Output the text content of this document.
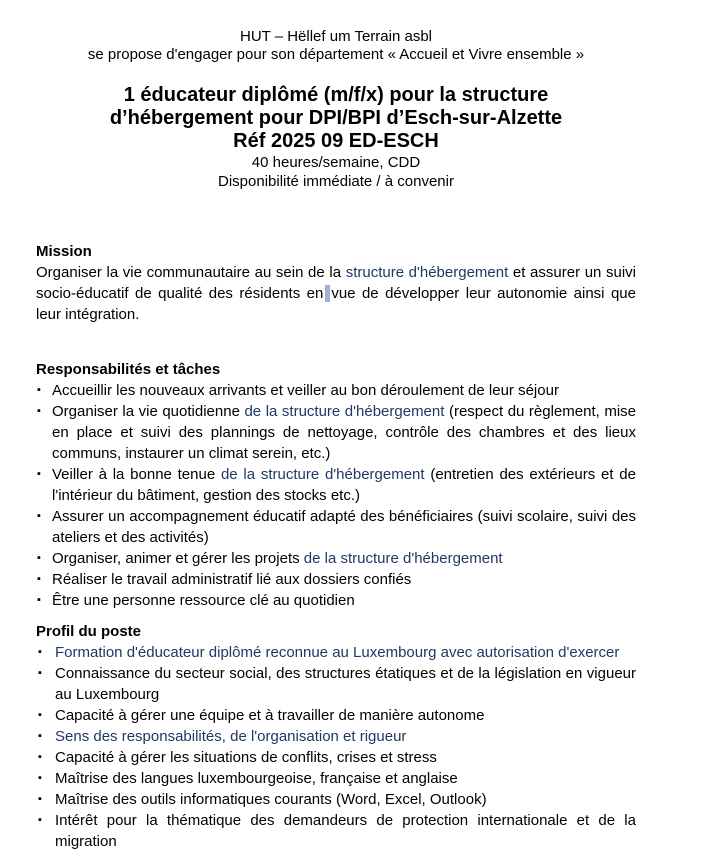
HUT – Hëllef um Terrain asbl
se propose d'engager pour son département « Accueil et Vivre ensemble »
1 éducateur diplômé (m/f/x) pour la structure
d’hébergement pour DPI/BPI d’Esch-sur-Alzette
Réf 2025 09 ED-ESCH
40 heures/semaine, CDD
Disponibilité immédiate / à convenir
Mission

Organiser la vie communautaire au sein de la structure d'hébergement et assurer un suivi socio-éducatif de qualité des résidents en vue de développer leur autonomie ainsi que leur intégration.

Responsabilités et tâches
▪ Accueillir les nouveaux arrivants et veiller au bon déroulement de leur séjour
▪ Organiser la vie quotidienne de la structure d'hébergement (respect du règlement, mise en place et suivi des plannings de nettoyage, contrôle des chambres et des lieux communs, instaurer un climat serein, etc.)
▪ Veiller à la bonne tenue de la structure d'hébergement (entretien des extérieurs et de l'intérieur du bâtiment, gestion des stocks etc.)
▪ Assurer un accompagnement éducatif adapté des bénéficiaires (suivi scolaire, suivi des ateliers et des activités)
▪ Organiser, animer et gérer les projets de la structure d'hébergement
▪ Réaliser le travail administratif lié aux dossiers confiés
▪ Être une personne ressource clé au quotidien
Profil du poste
▪ Formation d'éducateur diplômé reconnue au Luxembourg avec autorisation d'exercer
▪ Connaissance du secteur social, des structures étatiques et de la législation en vigueur au Luxembourg
▪ Capacité à gérer une équipe et à travailler de manière autonome
▪ Sens des responsabilités, de l'organisation et rigueur
▪ Capacité à gérer les situations de conflits, crises et stress
▪ Maîtrise des langues luxembourgeoise, française et anglaise
▪ Maîtrise des outils informatiques courants (Word, Excel, Outlook)
▪ Intérêt pour la thématique des demandeurs de protection internationale et de la migration
